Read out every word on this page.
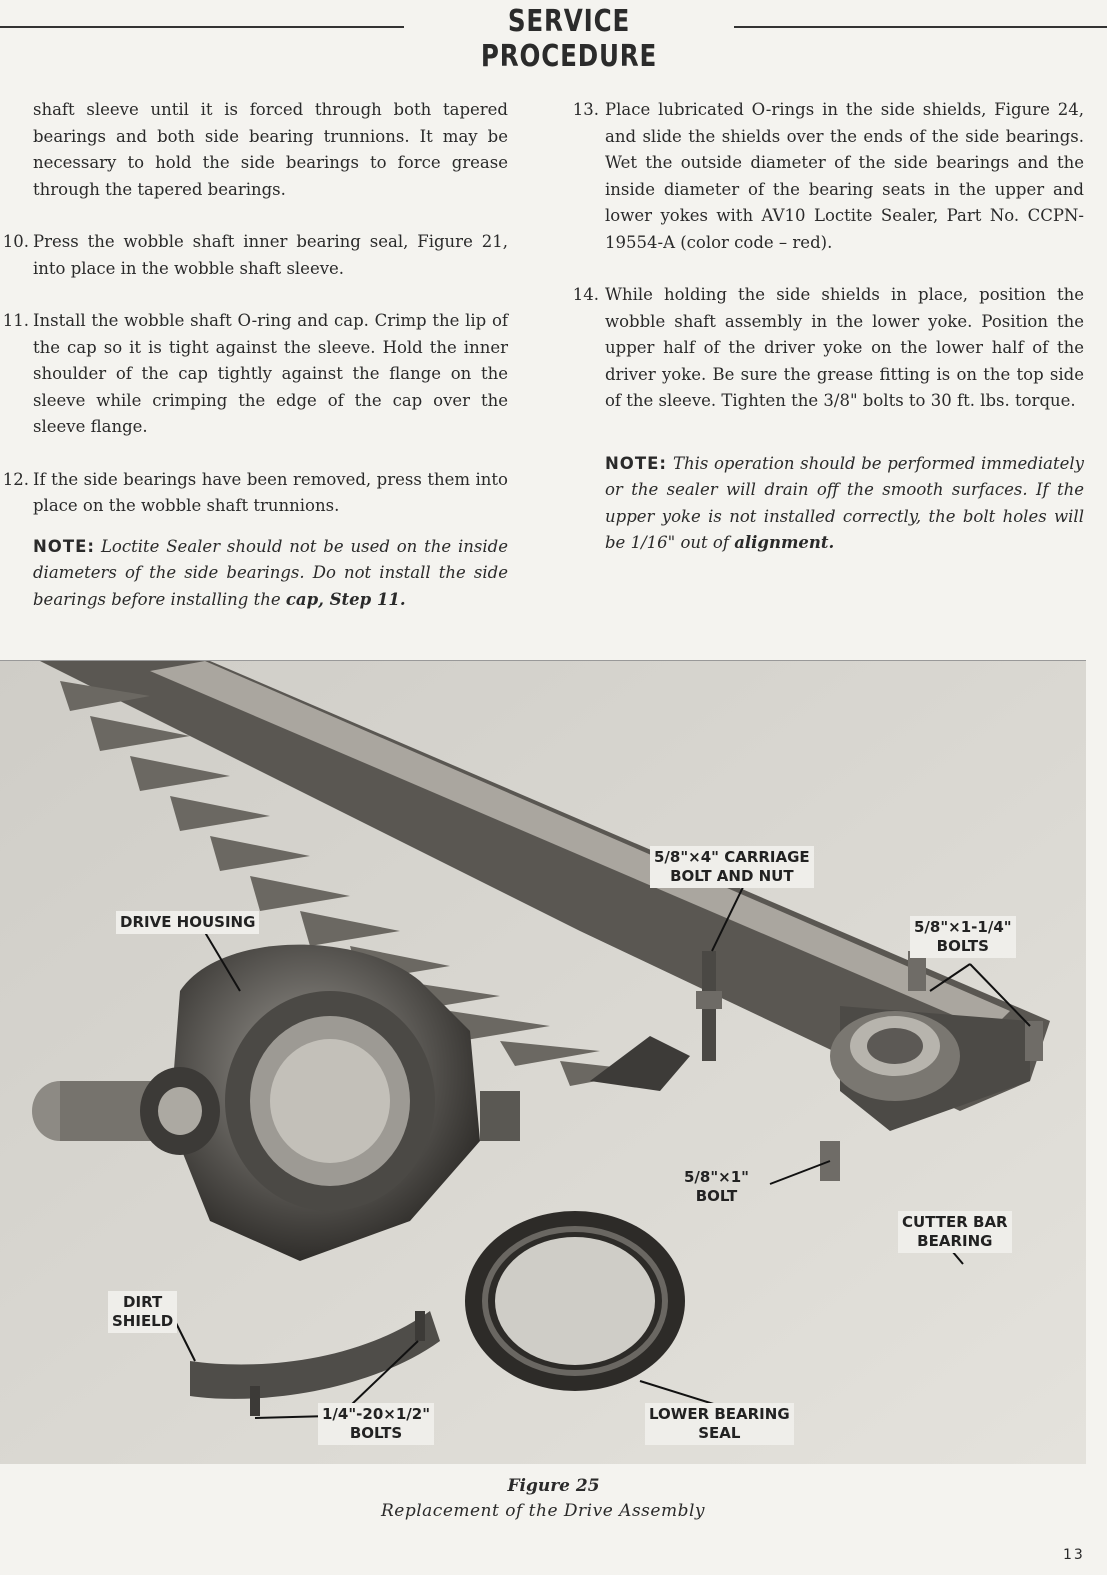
SERVICE PROCEDURE

shaft sleeve until it is forced through both tapered bearings and both side bearing trunnions. It may be necessary to hold the side bearings to force grease through the tapered bearings.

10. Press the wobble shaft inner bearing seal, Figure 21, into place in the wobble shaft sleeve.

11. Install the wobble shaft O-ring and cap. Crimp the lip of the cap so it is tight against the sleeve. Hold the inner shoulder of the cap tightly against the flange on the sleeve while crimping the edge of the cap over the sleeve flange.

12. If the side bearings have been removed, press them into place on the wobble shaft trunnions.

NOTE: Loctite Sealer should not be used on the inside diameters of the side bearings. Do not install the side bearings before installing the cap, Step 11.

13. Place lubricated O-rings in the side shields, Figure 24, and slide the shields over the ends of the side bearings. Wet the outside diameter of the side bearings and the inside diameter of the bearing seats in the upper and lower yokes with AV10 Loctite Sealer, Part No. CCPN-19554-A (color code – red).

14. While holding the side shields in place, position the wobble shaft assembly in the lower yoke. Position the upper half of the driver yoke on the lower half of the driver yoke. Be sure the grease fitting is on the top side of the sleeve. Tighten the 3/8" bolts to 30 ft. lbs. torque.

NOTE: This operation should be performed immediately or the sealer will drain off the smooth surfaces. If the upper yoke is not installed correctly, the bolt holes will be 1/16" out of alignment.

5/8"×4" CARRIAGE
BOLT AND NUT
DRIVE HOUSING	5/8"×1-1/4"
BOLTS
5/8"×1"
BOLT
CUTTER BAR
BEARING
DIRT
SHIELD
1/4"-20×1/2"
BOLTS
LOWER BEARING
SEAL
Figure 25
Replacement of the Drive Assembly
13
